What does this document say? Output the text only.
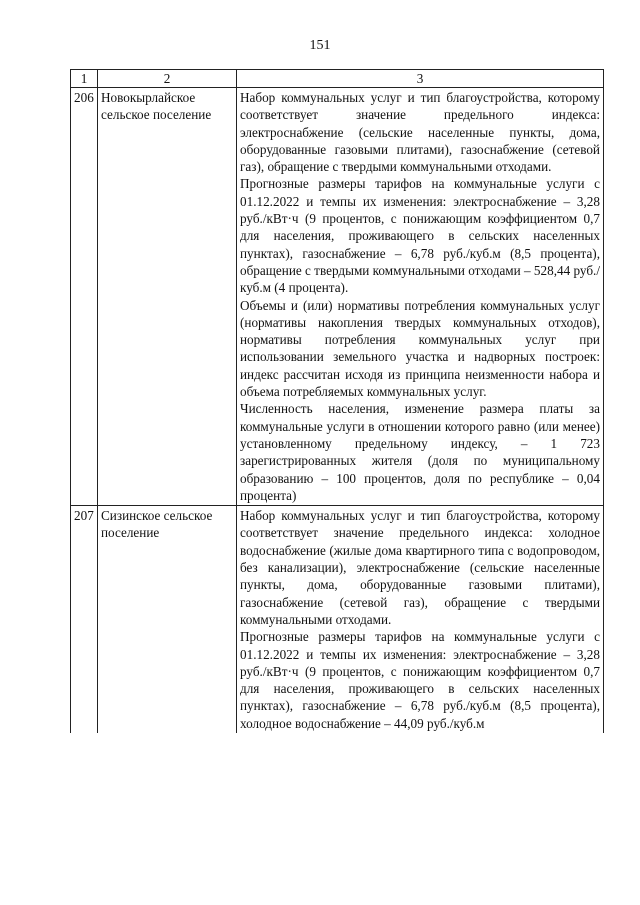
151
1	2	3
206	Новокырлайское сельское поселение	Набор коммунальных услуг и тип благоустройства, которому соответствует значение предельного индекса: электроснабжение (сельские населенные пункты, дома, оборудованные газовыми плитами), газоснабжение (сетевой газ), обращение с твердыми коммунальными отходами.

Прогнозные размеры тарифов на коммунальные услуги с 01.12.2022 и темпы их изменения: электроснабжение – 3,28 руб./кВт·ч (9 процентов, с понижающим коэффициентом 0,7 для населения, проживающего в сельских населенных пунктах), газоснабжение – 6,78 руб./куб.м (8,5 процента), обращение с твердыми коммунальными отходами – 528,44 руб./куб.м (4 процента).

Объемы и (или) нормативы потребления коммунальных услуг (нормативы накопления твердых коммунальных отходов), нормативы потребления коммунальных услуг при использовании земельного участка и надворных построек: индекс рассчитан исходя из принципа неизменности набора и объема потребляемых коммунальных услуг.

Численность населения, изменение размера платы за коммунальные услуги в отношении которого равно (или менее) установленному предельному индексу, – 1 723 зарегистрированных жителя (доля по муниципальному образованию – 100 процентов, доля по республике – 0,04 процента)

207	Сизинское сельское поселение	Набор коммунальных услуг и тип благоустройства, которому соответствует значение предельного индекса: холодное водоснабжение (жилые дома квартирного типа с водопроводом, без канализации), электроснабжение (сельские населенные пункты, дома, оборудованные газовыми плитами), газоснабжение (сетевой газ), обращение с твердыми коммунальными отходами.

Прогнозные размеры тарифов на коммунальные услуги с 01.12.2022 и темпы их изменения: электроснабжение – 3,28 руб./кВт·ч (9 процентов, с понижающим коэффициентом 0,7 для населения, проживающего в сельских населенных пунктах), газоснабжение – 6,78 руб./куб.м (8,5 процента), холодное водоснабжение – 44,09 руб./куб.м
